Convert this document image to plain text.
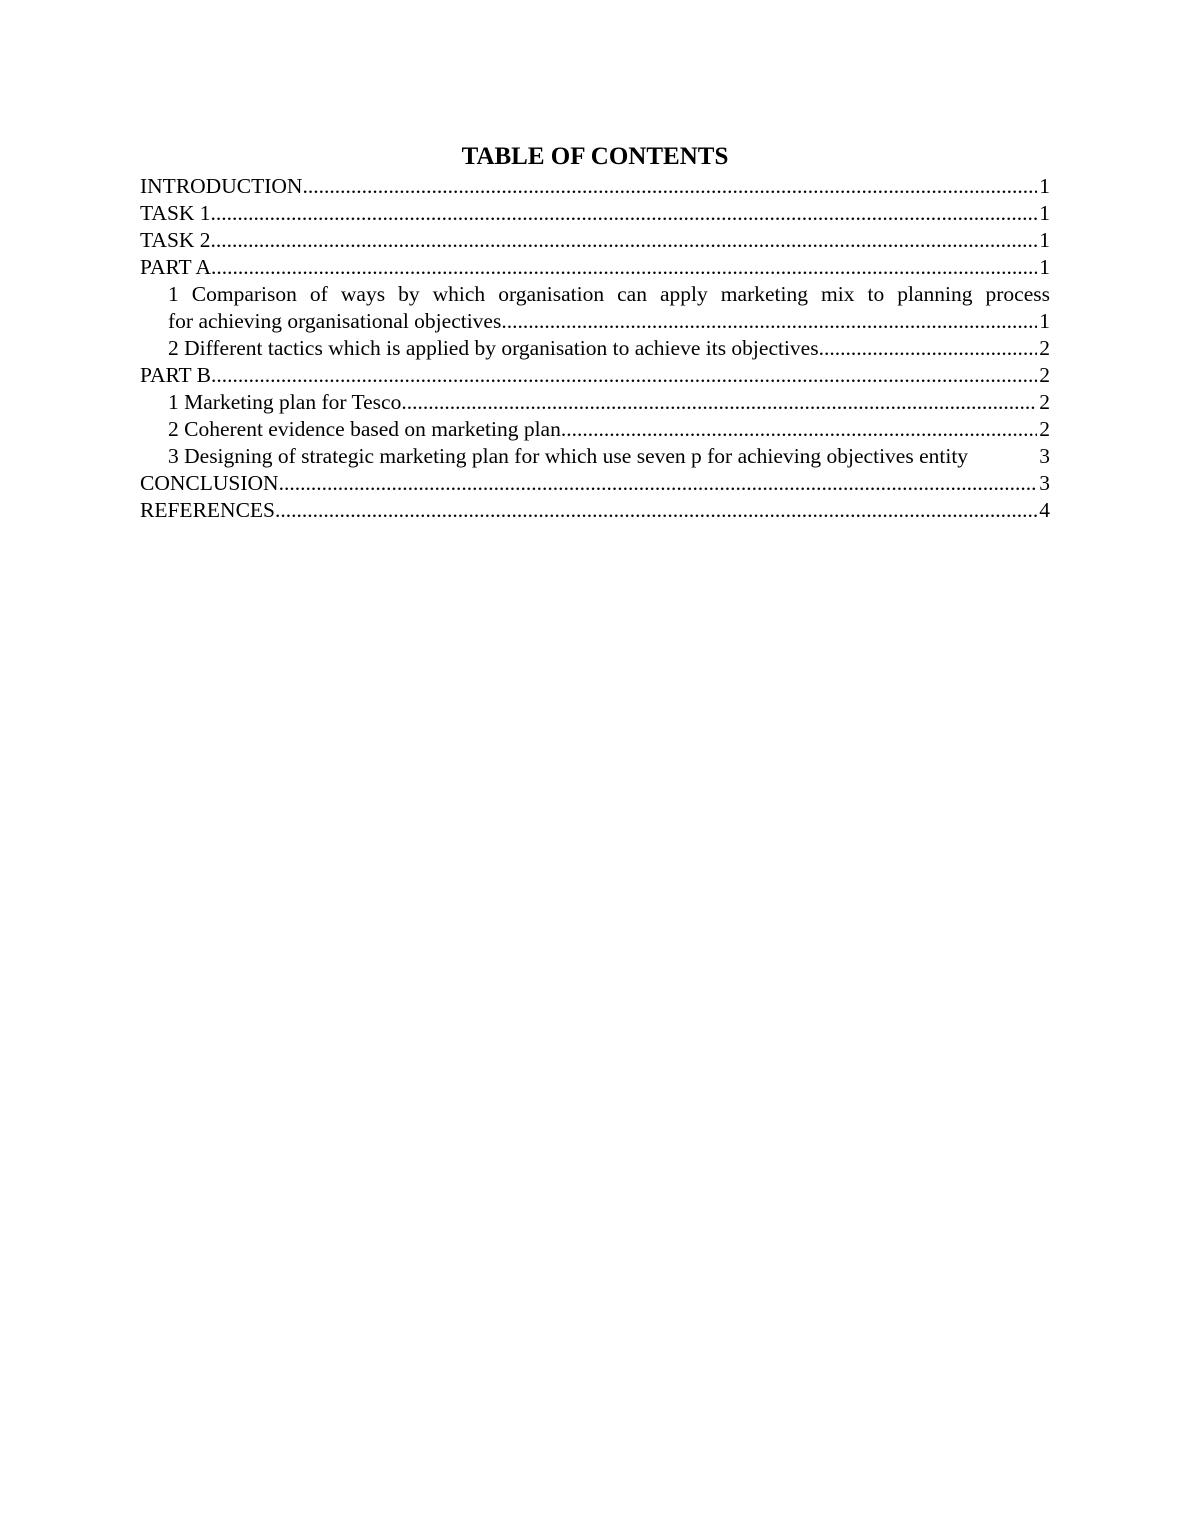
TABLE OF CONTENTS
INTRODUCTION .....	1
TASK 1 .....	1
TASK 2 .....	1
PART A .....	1
1 Comparison of ways by which organisation can apply marketing mix to planning process
for achieving organisational objectives .....	1
2 Different tactics which is applied by organisation to achieve its objectives .....	2
PART B .....	2
1 Marketing plan for Tesco .....	2
2 Coherent evidence based on marketing plan .....	2
3 Designing of strategic marketing plan for which use seven p for achieving objectives entity	3
CONCLUSION .....	3
REFERENCES .....	4
